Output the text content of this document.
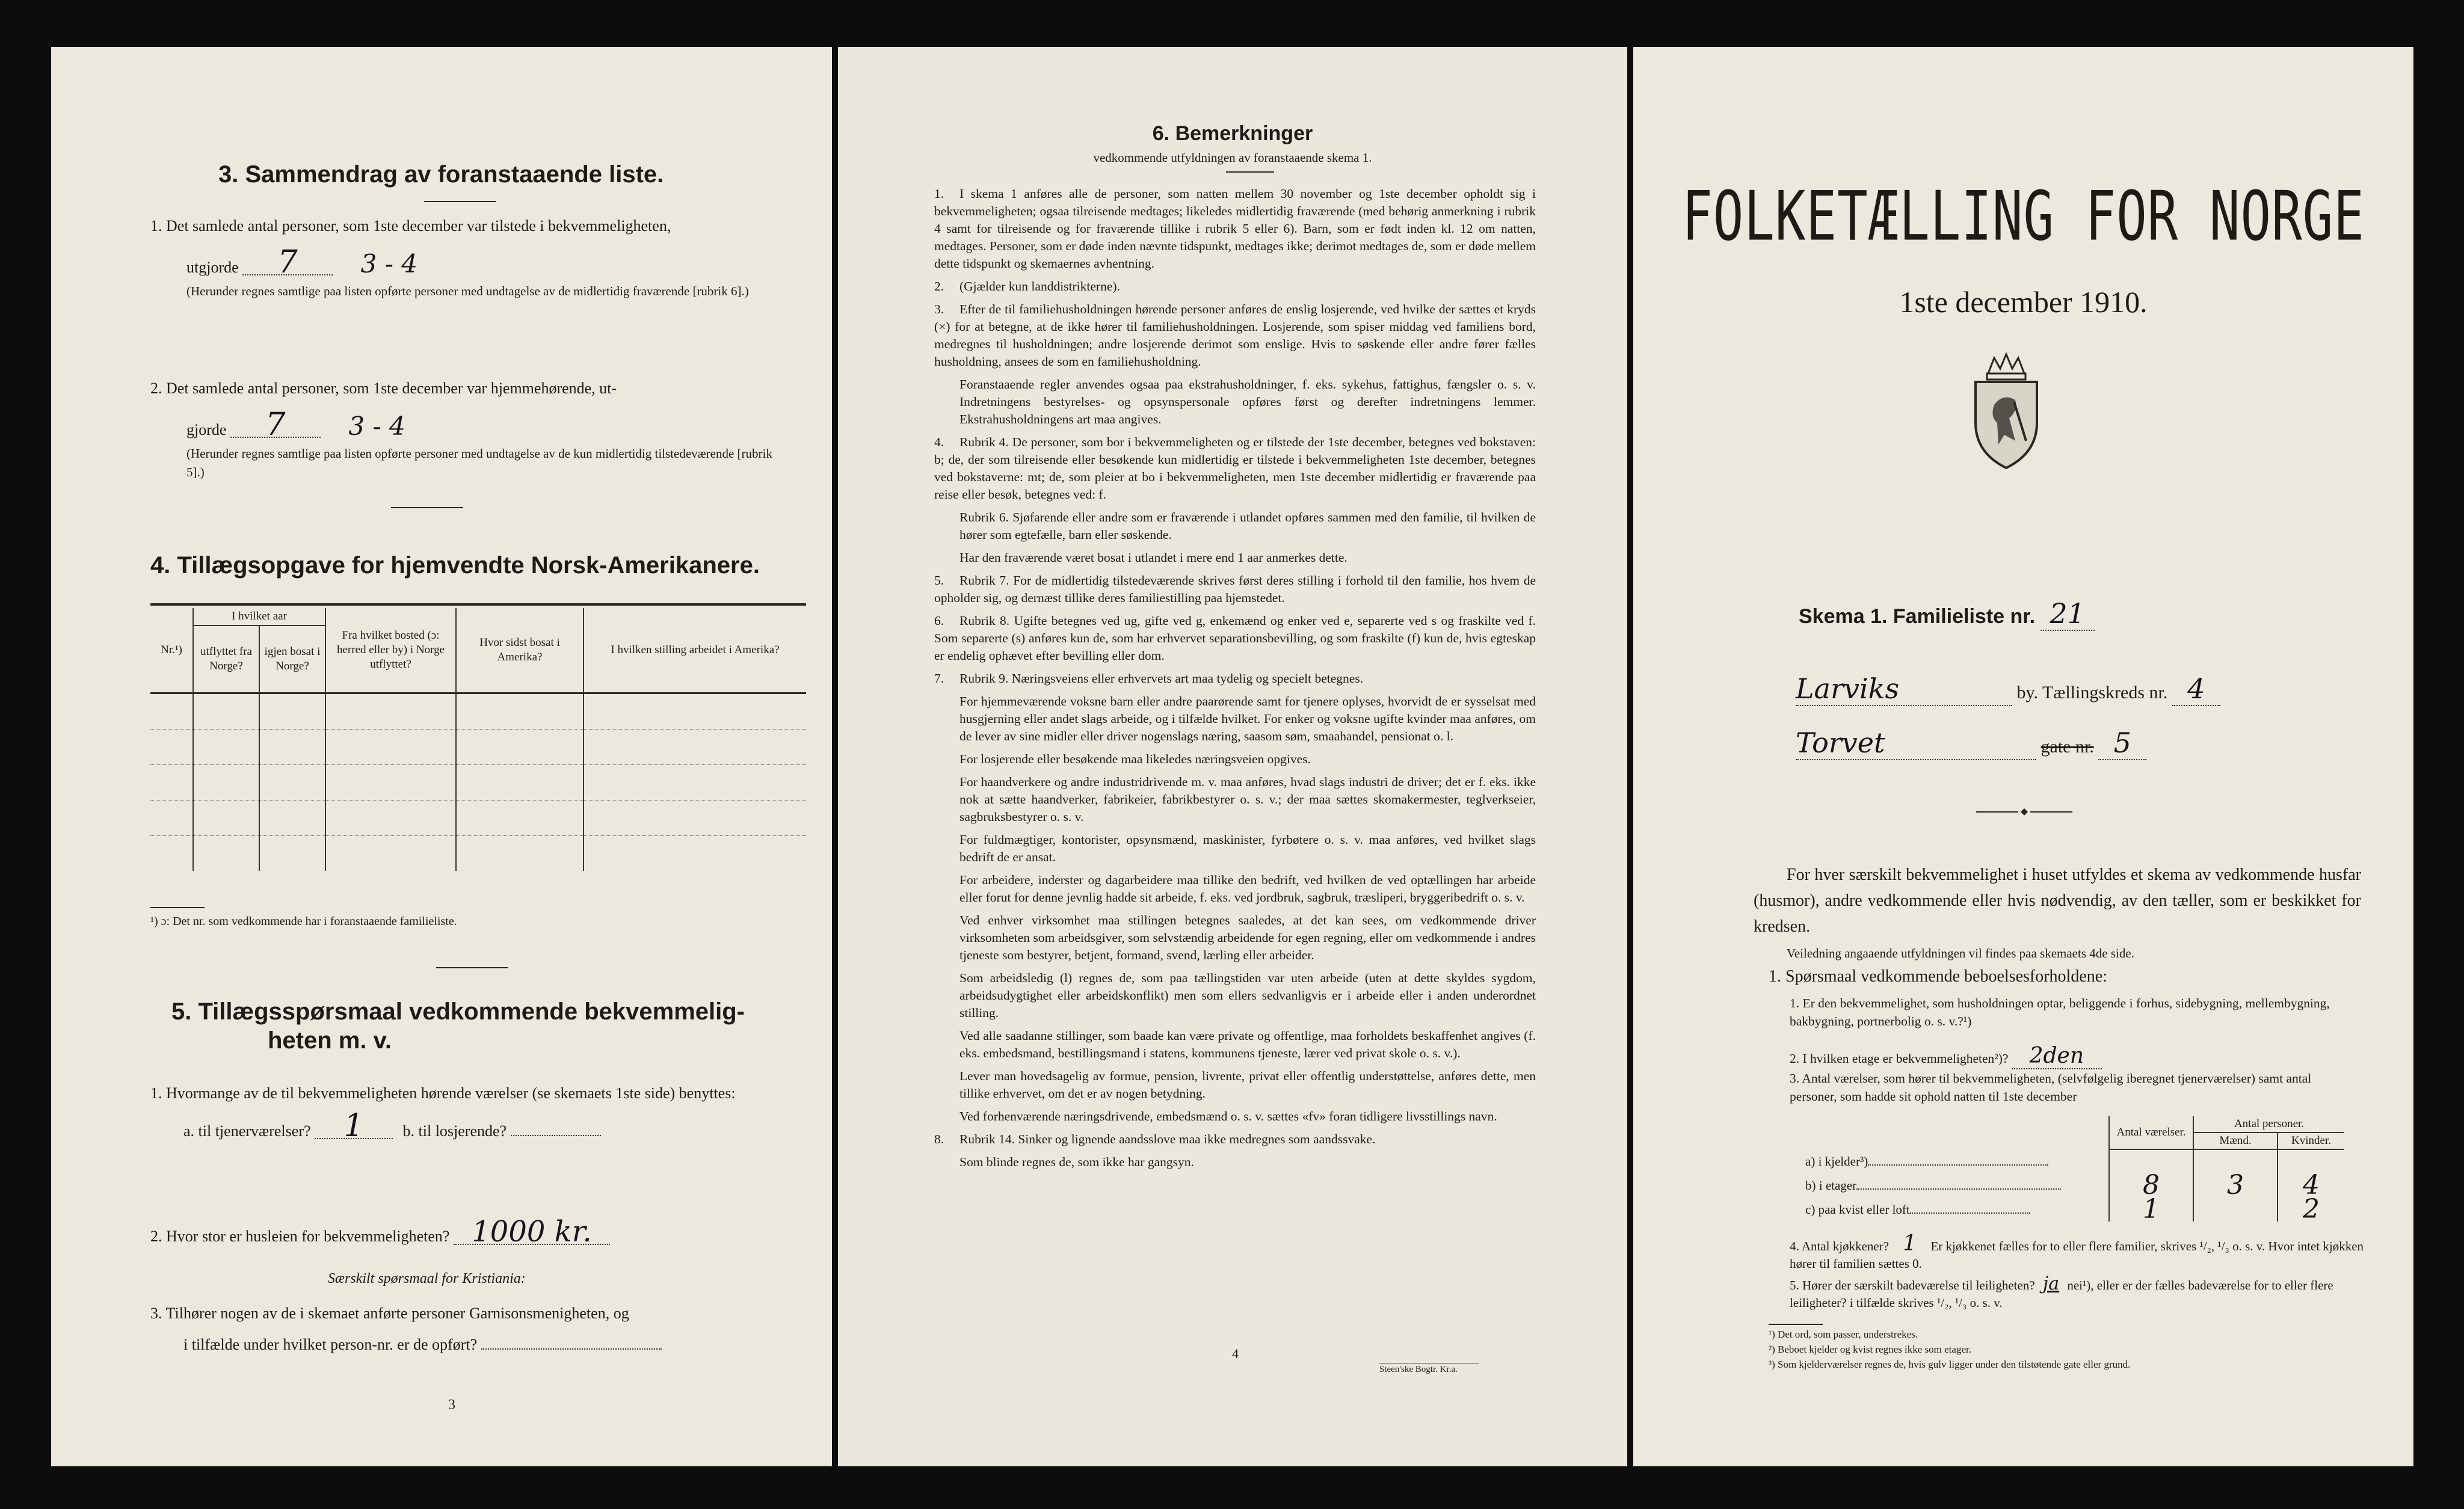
3. Sammendrag av foranstaaende liste.
1. Det samlede antal personer, som 1ste december var tilstede i bekvemmeligheten,
utgjorde 7 3 - 4
(Herunder regnes samtlige paa listen opførte personer med undtagelse av de midlertidig fraværende [rubrik 6].)
2. Det samlede antal personer, som 1ste december var hjemmehørende, ut-
gjorde 7 3 - 4
(Herunder regnes samtlige paa listen opførte personer med undtagelse av de kun midlertidig tilstedeværende [rubrik 5].)
4. Tillægsopgave for hjemvendte Norsk-Amerikanere.
Nr.¹)	I hvilket aar		Fra hvilket bosted (ɔ: herred eller by) i Norge utflyttet?	Hvor sidst bosat i Amerika?	I hvilken stilling arbeidet i Amerika?
	utflyttet fra Norge?	igjen bosat i Norge?			

¹) ɔ: Det nr. som vedkommende har i foranstaaende familieliste.
5. Tillægsspørsmaal vedkommende bekvemmelig-
heten m. v.
1. Hvormange av de til bekvemmeligheten hørende værelser (se skemaets 1ste side) benyttes:
a. til tjenerværelser? 1 b. til losjerende?
2. Hvor stor er husleien for bekvemmeligheten? 1000 kr.
Særskilt spørsmaal for Kristiania:
3. Tilhører nogen av de i skemaet anførte personer Garnisonsmenigheten, og
i tilfælde under hvilket person-nr. er de opført?
3
6. Bemerkninger
vedkommende utfyldningen av foranstaaende skema 1.

1. I skema 1 anføres alle de personer, som natten mellem 30 november og 1ste december opholdt sig i bekvemmeligheten; ogsaa tilreisende medtages; likeledes midlertidig fraværende (med behørig anmerkning i rubrik 4 samt for tilreisende og for fraværende tillike i rubrik 5 eller 6). Barn, som er født inden kl. 12 om natten, medtages. Personer, som er døde inden nævnte tidspunkt, medtages ikke; derimot medtages de, som er døde mellem dette tidspunkt og skemaernes avhentning.

2. (Gjælder kun landdistrikterne).

3. Efter de til familiehusholdningen hørende personer anføres de enslig losjerende, ved hvilke der sættes et kryds (×) for at betegne, at de ikke hører til familiehusholdningen. Losjerende, som spiser middag ved familiens bord, medregnes til husholdningen; andre losjerende derimot som enslige. Hvis to søskende eller andre fører fælles husholdning, ansees de som en familiehusholdning.

Foranstaaende regler anvendes ogsaa paa ekstrahusholdninger, f. eks. sykehus, fattighus, fængsler o. s. v. Indretningens bestyrelses- og opsynspersonale opføres først og derefter indretningens lemmer. Ekstrahusholdningens art maa angives.

4. Rubrik 4. De personer, som bor i bekvemmeligheten og er tilstede der 1ste december, betegnes ved bokstaven: b; de, der som tilreisende eller besøkende kun midlertidig er tilstede i bekvemmeligheten 1ste december, betegnes ved bokstaverne: mt; de, som pleier at bo i bekvemmeligheten, men 1ste december midlertidig er fraværende paa reise eller besøk, betegnes ved: f.

Rubrik 6. Sjøfarende eller andre som er fraværende i utlandet opføres sammen med den familie, til hvilken de hører som egtefælle, barn eller søskende.

Har den fraværende været bosat i utlandet i mere end 1 aar anmerkes dette.

5. Rubrik 7. For de midlertidig tilstedeværende skrives først deres stilling i forhold til den familie, hos hvem de opholder sig, og dernæst tillike deres familiestilling paa hjemstedet.

6. Rubrik 8. Ugifte betegnes ved ug, gifte ved g, enkemænd og enker ved e, separerte ved s og fraskilte ved f. Som separerte (s) anføres kun de, som har erhvervet separationsbevilling, og som fraskilte (f) kun de, hvis egteskap er endelig ophævet efter bevilling eller dom.

7. Rubrik 9. Næringsveiens eller erhvervets art maa tydelig og specielt betegnes.

For hjemmeværende voksne barn eller andre paarørende samt for tjenere oplyses, hvorvidt de er sysselsat med husgjerning eller andet slags arbeide, og i tilfælde hvilket. For enker og voksne ugifte kvinder maa anføres, om de lever av sine midler eller driver nogenslags næring, saasom søm, smaahandel, pensionat o. l.

For losjerende eller besøkende maa likeledes næringsveien opgives.

For haandverkere og andre industridrivende m. v. maa anføres, hvad slags industri de driver; det er f. eks. ikke nok at sætte haandverker, fabrikeier, fabrikbestyrer o. s. v.; der maa sættes skomakermester, teglverkseier, sagbruksbestyrer o. s. v.

For fuldmægtiger, kontorister, opsynsmænd, maskinister, fyrbøtere o. s. v. maa anføres, ved hvilket slags bedrift de er ansat.

For arbeidere, inderster og dagarbeidere maa tillike den bedrift, ved hvilken de ved optællingen har arbeide eller forut for denne jevnlig hadde sit arbeide, f. eks. ved jordbruk, sagbruk, træsliperi, bryggeribedrift o. s. v.

Ved enhver virksomhet maa stillingen betegnes saaledes, at det kan sees, om vedkommende driver virksomheten som arbeidsgiver, som selvstændig arbeidende for egen regning, eller om vedkommende i andres tjeneste som bestyrer, betjent, formand, svend, lærling eller arbeider.

Som arbeidsledig (l) regnes de, som paa tællingstiden var uten arbeide (uten at dette skyldes sygdom, arbeidsudygtighet eller arbeidskonflikt) men som ellers sedvanligvis er i arbeide eller i anden underordnet stilling.

Ved alle saadanne stillinger, som baade kan være private og offentlige, maa forholdets beskaffenhet angives (f. eks. embedsmand, bestillingsmand i statens, kommunens tjeneste, lærer ved privat skole o. s. v.).

Lever man hovedsagelig av formue, pension, livrente, privat eller offentlig understøttelse, anføres dette, men tillike erhvervet, om det er av nogen betydning.

Ved forhenværende næringsdrivende, embedsmænd o. s. v. sættes «fv» foran tidligere livsstillings navn.

8. Rubrik 14. Sinker og lignende aandsslove maa ikke medregnes som aandssvake.

Som blinde regnes de, som ikke har gangsyn.

4
Steen'ske Bogtr. Kr.a.
FOLKETÆLLING FOR NORGE
1ste december 1910.
Skema 1. Familieliste nr. 21
Larviks	by. Tællingskreds nr. 4
Torvet	gate nr. 5
For hver særskilt bekvemmelighet i huset utfyldes et skema av vedkommende husfar (husmor), andre vedkommende eller hvis nødvendig, av den tæller, som er beskikket for kredsen.
Veiledning angaaende utfyldningen vil findes paa skemaets 4de side.
1. Spørsmaal vedkommende beboelsesforholdene:
1. Er den bekvemmelighet, som husholdningen optar, beliggende i forhus, sidebygning, mellembygning, bakbygning, portnerbolig o. s. v.?¹)
2. I hvilken etage er bekvemmeligheten²)? 2den
3. Antal værelser, som hører til bekvemmeligheten, (selvfølgelig iberegnet tjenerværelser) samt antal personer, som hadde sit ophold natten til 1ste december
	Antal værelser.	Antal personer.	
		Mænd.	Kvinder.
a) i kjelder³)			
b) i etager	8	3	4
c) paa kvist eller loft	1		2
4. Antal kjøkkener? 1 Er kjøkkenet fælles for to eller flere familier, skrives ¹/₂, ¹/₃ o. s. v. Hvor intet kjøkken hører til familien sættes 0.
5. Hører der særskilt badeværelse til leiligheten? ja nei¹), eller er der fælles badeværelse for to eller flere leiligheter? i tilfælde skrives ¹/₂, ¹/₃ o. s. v.
¹) Det ord, som passer, understrekes.
²) Beboet kjelder og kvist regnes ikke som etager.
³) Som kjelderværelser regnes de, hvis gulv ligger under den tilstøtende gate eller grund.
